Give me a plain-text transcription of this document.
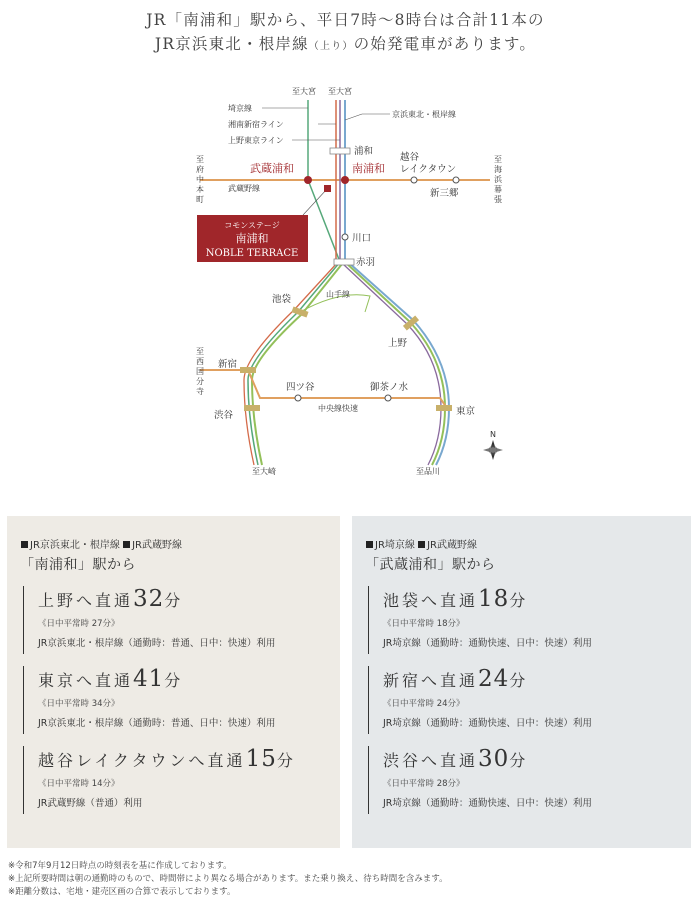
JR「南浦和」駅から、平日7時～8時台は合計11本の
JR京浜東北・根岸線（上り）の始発電車があります。
至大宮 至大宮
至
府
中
本
町
至
海
浜
幕
張
至
西
国
分
寺
至大崎	至品川
埼京線
湘南新宿ライン
上野東京ライン
京浜東北・根岸線
武蔵野線
山手線
中央線快速
浦和
武蔵浦和	南浦和
越谷
レイクタウン
新三郷
川口
赤羽
池袋
上野
新宿
四ツ谷	御茶ノ水
渋谷	東京
コモンステージ
南浦和
NOBLE TERRACE
N
JR京浜東北・根岸線 JR武蔵野線
「南浦和」駅から
上野へ直通32分
《日中平常時 27分》
JR京浜東北・根岸線（通勤時：普通、日中：快速）利用
東京へ直通41分
《日中平常時 34分》
JR京浜東北・根岸線（通勤時：普通、日中：快速）利用
越谷レイクタウンへ直通15分
《日中平常時 14分》
JR武蔵野線（普通）利用
JR埼京線 JR武蔵野線
「武蔵浦和」駅から
池袋へ直通18分
《日中平常時 18分》
JR埼京線（通勤時：通勤快速、日中：快速）利用
新宿へ直通24分
《日中平常時 24分》
JR埼京線（通勤時：通勤快速、日中：快速）利用
渋谷へ直通30分
《日中平常時 28分》
JR埼京線（通勤時：通勤快速、日中：快速）利用
※令和7年9月12日時点の時刻表を基に作成しております。
※上記所要時間は朝の通勤時のもので、時間帯により異なる場合があります。また乗り換え、待ち時間を含みます。
※距離分数は、宅地・建売区画の合算で表示しております。
